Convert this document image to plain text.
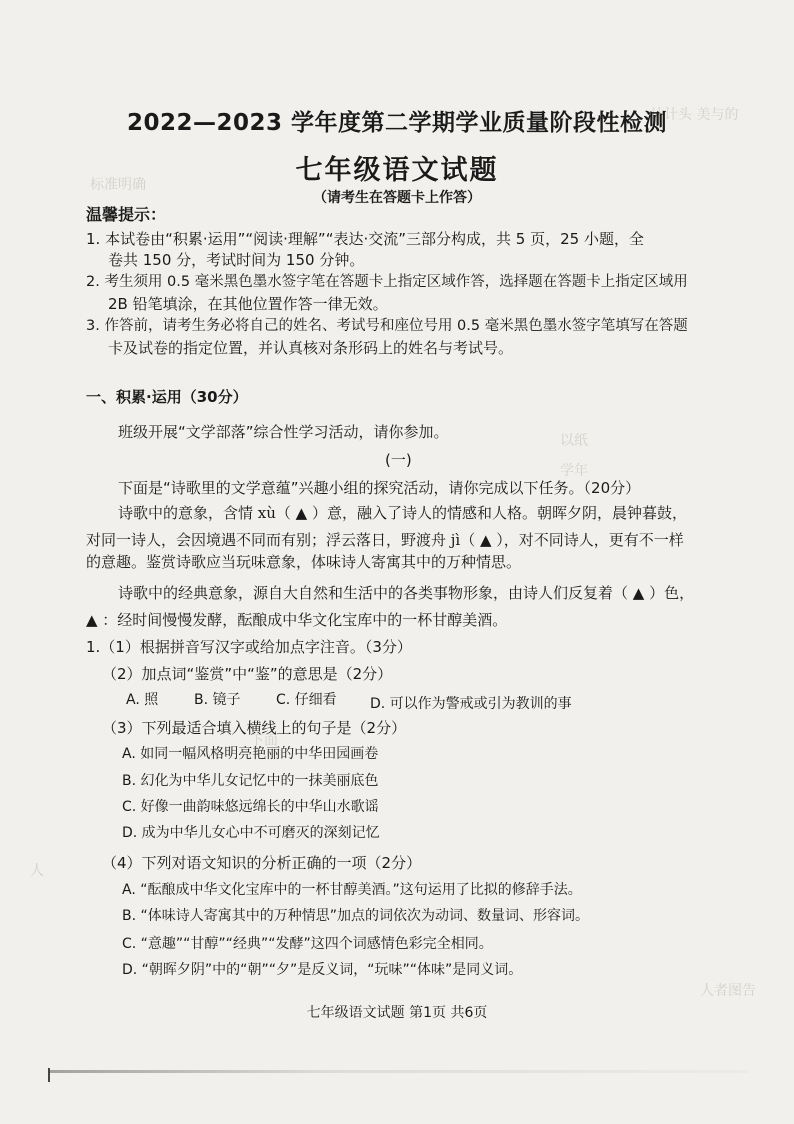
计计头 美与的
标准明确
以纸
学年
下面
人
人者图告
2022—2023 学年度第二学期学业质量阶段性检测
七年级语文试题
（请考生在答题卡上作答）
温馨提示：
1. 本试卷由“积累·运用”“阅读·理解”“表达·交流”三部分构成，共 5 页，25 小题，全
卷共 150 分，考试时间为 150 分钟。
2. 考生须用 0.5 毫米黑色墨水签字笔在答题卡上指定区域作答，选择题在答题卡上指定区域用
2B 铅笔填涂，在其他位置作答一律无效。
3. 作答前，请考生务必将自己的姓名、考试号和座位号用 0.5 毫米黑色墨水签字笔填写在答题
卡及试卷的指定位置，并认真核对条形码上的姓名与考试号。
一、积累·运用（30分）
班级开展“文学部落”综合性学习活动，请你参加。
(一)
下面是“诗歌里的文学意蕴”兴趣小组的探究活动，请你完成以下任务。（20分）
诗歌中的意象，含情 xù（ ▲ ）意，融入了诗人的情感和人格。朝晖夕阴，晨钟暮鼓，
对同一诗人，会因境遇不同而有别；浮云落日，野渡舟 jì（ ▲ ），对不同诗人，更有不一样
的意趣。鉴赏诗歌应当玩味意象，体味诗人寄寓其中的万种情思。
诗歌中的经典意象，源自大自然和生活中的各类事物形象，由诗人们反复着（ ▲ ）色，
▲ ：经时间慢慢发酵，酝酿成中华文化宝库中的一杯甘醇美酒。
1.（1）根据拼音写汉字或给加点字注音。（3分）
（2）加点词“鉴赏”中“鉴”的意思是（2分）
A. 照	B. 镜子	C. 仔细看 D. 可以作为警戒或引为教训的事
（3）下列最适合填入横线上的句子是（2分）
A. 如同一幅风格明亮艳丽的中华田园画卷
B. 幻化为中华儿女记忆中的一抹美丽底色
C. 好像一曲韵味悠远绵长的中华山水歌谣
D. 成为中华儿女心中不可磨灭的深刻记忆
（4）下列对语文知识的分析正确的一项（2分）
A. “酝酿成中华文化宝库中的一杯甘醇美酒。”这句运用了比拟的修辞手法。
B. “体味诗人寄寓其中的万种情思”加点的词依次为动词、数量词、形容词。
C. “意趣”“甘醇”“经典”“发酵”这四个词感情色彩完全相同。
D. “朝晖夕阴”中的“朝”“夕”是反义词，“玩味”“体味”是同义词。
七年级语文试题 第1页 共6页
